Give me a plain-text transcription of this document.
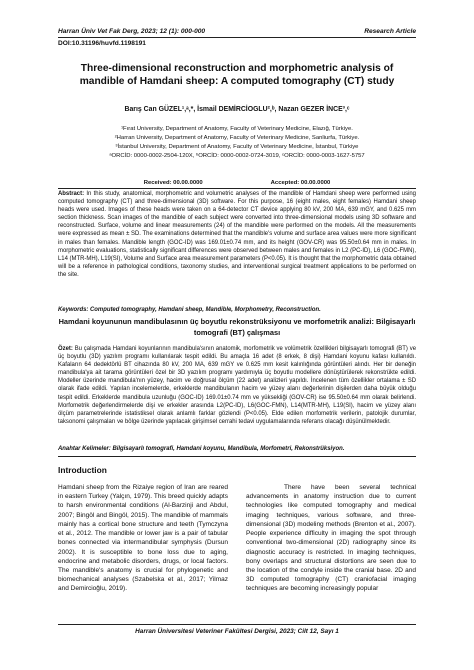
Harran Üniv Vet Fak Derg, 2023; 12 (1): 000-000	Research Article
DOI:10.31196/huvfd.1198191
Three-dimensional reconstruction and morphometric analysis of mandible of Hamdani sheep: A computed tomography (CT) study
Barış Can GÜZEL¹,ᵃ,*, İsmail DEMİRCİOGLU²,ᵇ, Nazan GEZER İNCE³,ᶜ
¹Fırat University, Department of Anatomy, Faculty of Veterinary Medicine, Elazığ, Türkiye.
²Harran University, Department of Anatomy, Faculty of Veterinary Medicine, Sanliurfa, Türkiye.
³İstanbul University, Department of Anatomy, Faculty of Veterinary Medicine, İstanbul, Türkiye
ᵃORCİD: 0000-0002-2504-120X, ᵇORCİD: 0000-0002-0724-3019, ᶜORCİD: 0000-0003-1627-5757
Received: 00.00.0000	Accepted: 00.00.0000
Abstract: In this study, anatomical, morphometric and volumetric analyses of the mandible of Hamdani sheep were performed using computed tomography (CT) and three-dimensional (3D) software. For this purpose, 16 (eight males, eight females) Hamdani sheep heads were used. Images of these heads were taken on a 64-detector CT device applying 80 kV, 200 MA, 639 mGY, and 0.625 mm section thickness. Scan images of the mandible of each subject were converted into three-dimensional models using 3D software and reconstructed. Surface, volume and linear measurements (24) of the mandible were performed on the models. All the measurements were expressed as mean ± SD. The examinations determined that the mandible's volume and surface area values were more significant in males than females. Mandible length (GOC-ID) was 169.01±0.74 mm, and its height (GOV-CR) was 95.50±0.64 mm in males. In morphometric evaluations, statistically significant differences were observed between males and females in L2 (PC-ID), L6 (GOC-FMN), L14 (MTR-MH), L19(SI), Volume and Surface area measurement parameters (P<0.05). It is thought that the morphometric data obtained will be a reference in pathological conditions, taxonomy studies, and interventional surgical treatment applications to be performed on the site.
Keywords: Computed tomography, Hamdani sheep, Mandible, Morphometry, Reconstruction.
Hamdani koyununun mandibulasının üç boyutlu rekonstrüksiyonu ve morfometrik analizi: Bilgisayarlı tomografi (BT) çalışması
Özet: Bu çalışmada Hamdani koyunlarının mandibula'sının anatomik, morfometrik ve volümetrik özellikleri bilgisayarlı tomografi (BT) ve üç boyutlu (3D) yazılım programı kullanılarak tespit edildi. Bu amaçla 16 adet (8 erkek, 8 dişi) Hamdani koyunu kafası kullanıldı. Kafaların 64 dedektörlü BT cihazında 80 kV, 200 MA, 639 mGY ve 0.625 mm kesit kalınlığında görüntüleri alındı. Her bir deneğin mandibula'ya ait tarama görüntüleri özel bir 3D yazılım programı yardımıyla üç boyutlu modellere dönüştürülerek rekonstrükte edildi. Modeller üzerinde mandibula'nın yüzey, hacim ve doğrusal ölçüm (22 adet) analizleri yapıldı. İncelenen tüm özellikler ortalama ± SD olarak ifade edildi. Yapılan incelemelerde, erkeklerde mandibulanın hacim ve yüzey alanı değerlerinin dişilerden daha büyük olduğu tespit edildi. Erkeklerde mandibula uzunluğu (GOC-ID) 169.01±0.74 mm ve yüksekliği (GOV-CR) ise 95.50±0.64 mm olarak belirlendi. Morfometrik değerlendirmelerde dişi ve erkekler arasında L2(PC-ID), L6(GOC-FMN), L14(MTR-MH), L19(SI), hacim ve yüzey alanı ölçüm parametrelerinde istatistiksel olarak anlamlı farklar gözlendi (P<0.05). Elde edilen morfometrik verilerin, patolojik durumlar, taksonomi çalışmaları ve bölge üzerinde yapılacak girişimsel cerrahi tedavi uygulamalarında referans olacağı düşünülmektedir.
Anahtar Kelimeler: Bilgisayarlı tomografi, Hamdani koyunu, Mandibula, Morfometri, Rekonstrüksiyon.
Introduction
Hamdani sheep from the Rizaiye region of Iran are reared in eastern Turkey (Yalçın, 1979). This breed quickly adapts to harsh environmental conditions (Al-Barzinji and Abdul, 2007; Bingöl and Bingöl, 2015). The mandible of mammals mainly has a cortical bone structure and teeth (Tymczyna et al., 2012. The mandible or lower jaw is a pair of tabular bones connected via intermandibular symphysis (Dursun 2002). It is susceptible to bone loss due to aging, endocrine and metabolic disorders, drugs, or local factors. The mandible's anatomy is crucial for phylogenetic and biomechanical analyses (Szabelska et al., 2017; Yilmaz and Demircioğlu, 2019).
There have been several technical advancements in anatomy instruction due to current technologies like computed tomography and medical imaging techniques, various software, and three-dimensional (3D) modeling methods (Brenton et al., 2007). People experience difficulty in imaging the spot through conventional two-dimensional (2D) radiography since its diagnostic accuracy is restricted. In imaging techniques, bony overlaps and structural distortions are seen due to the location of the condyle inside the cranial base. 2D and 3D computed tomography (CT) craniofacial imaging techniques are becoming increasingly popular
Harran Üniversitesi Veteriner Fakültesi Dergisi, 2023; Cilt 12, Sayı 1
